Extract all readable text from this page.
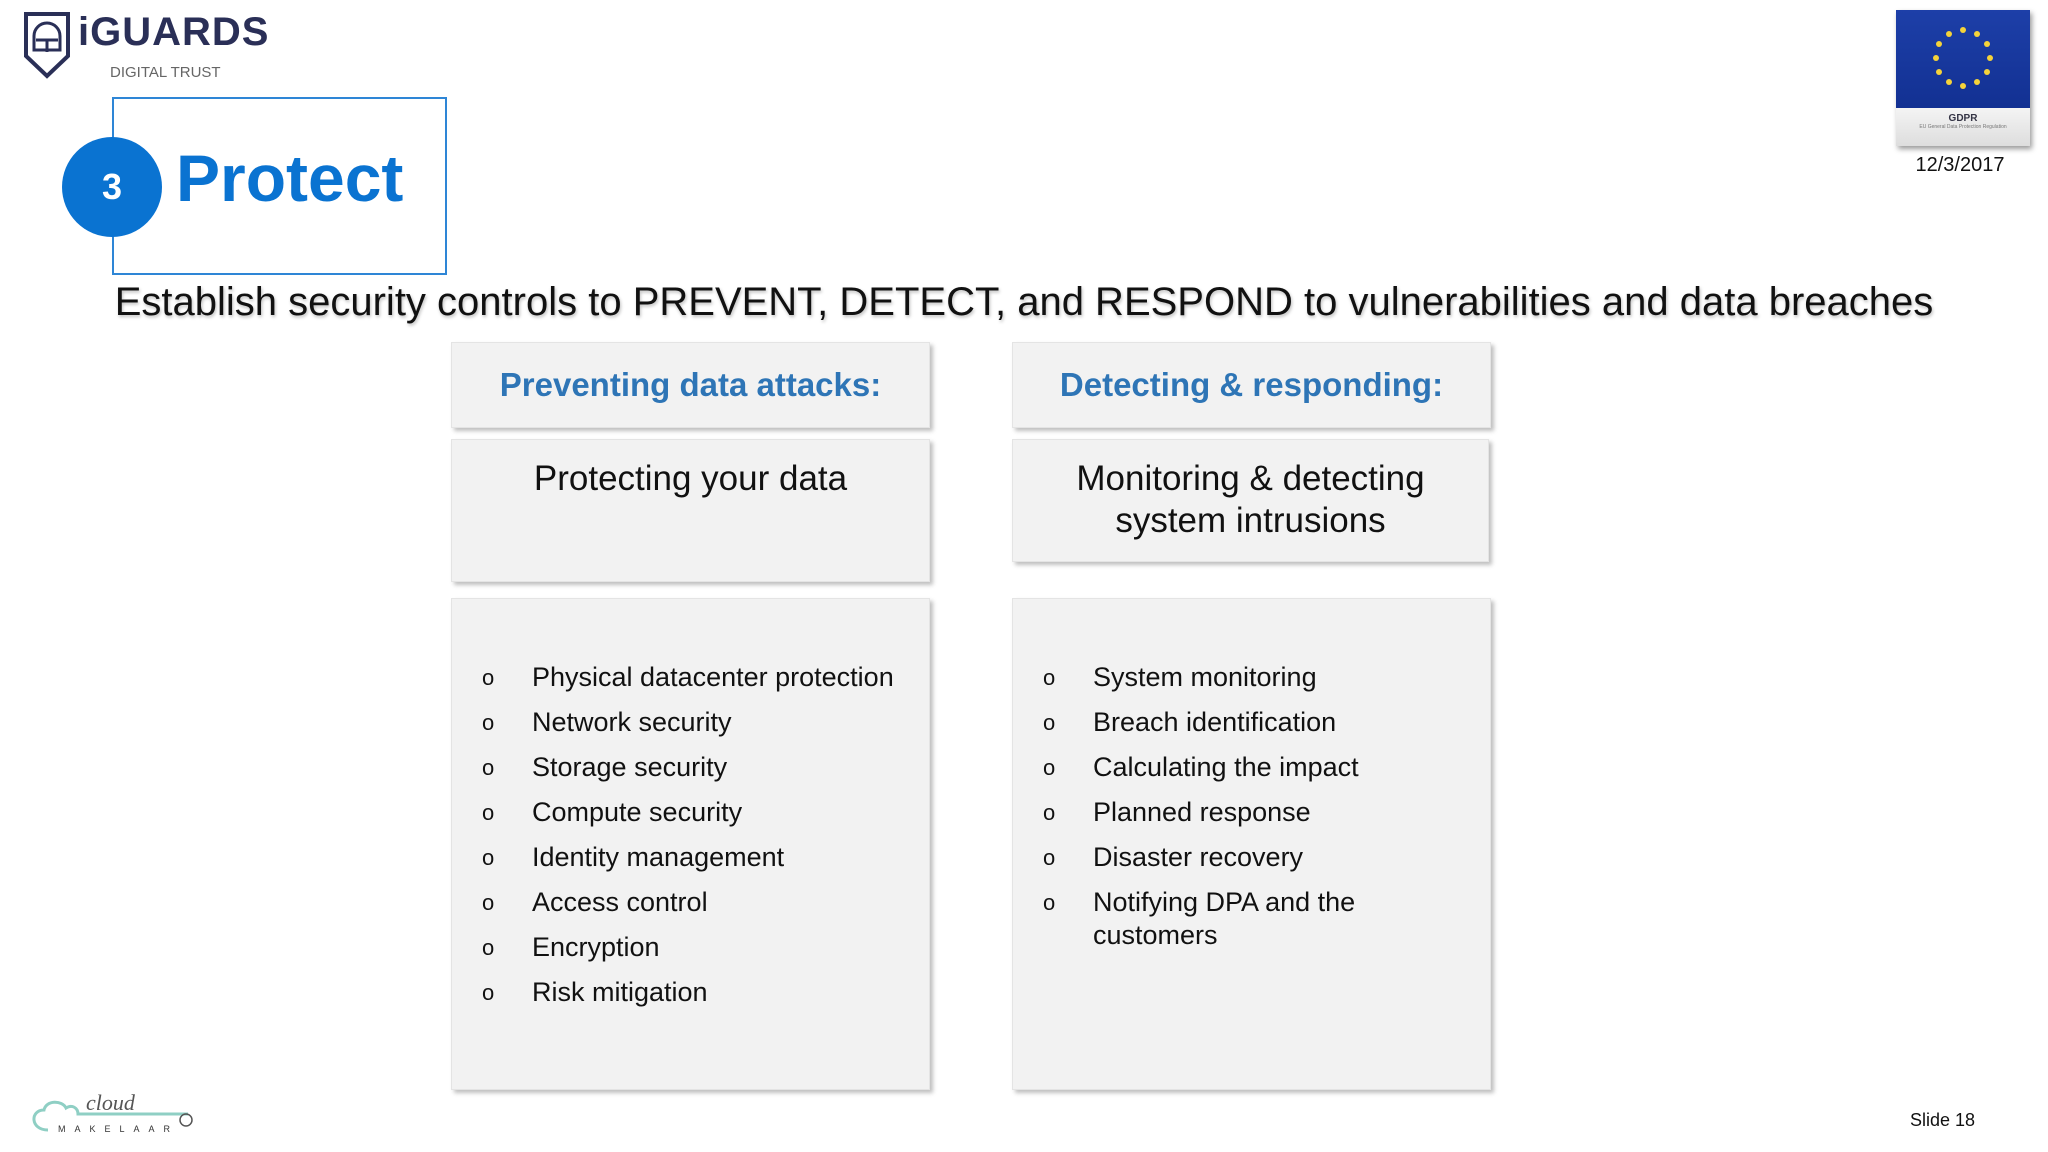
iGUARDS
DIGITAL TRUST
GDPR
EU General Data Protection Regulation
12/3/2017
3 Protect
Establish security controls to PREVENT, DETECT, and RESPOND to vulnerabilities and data breaches
Preventing data attacks:
Protecting your data
o Physical datacenter protection
o Network security
o Storage security
o Compute security
o Identity management
o Access control
o Encryption
o Risk mitigation
Detecting & responding:
Monitoring & detecting system intrusions
o System monitoring
o Breach identification
o Calculating the impact
o Planned response
o Disaster recovery
o Notifying DPA and the customers
cloud
MAKELAAR	Slide 18
